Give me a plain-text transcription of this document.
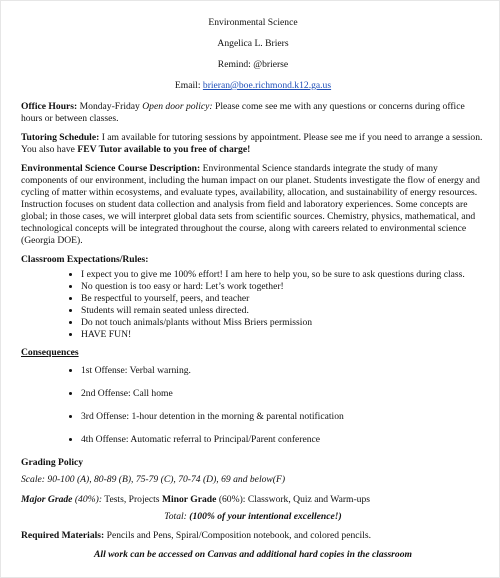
Environmental Science
Angelica L. Briers
Remind: @brierse
Email: brieran@boe.richmond.k12.ga.us

Office Hours: Monday-Friday Open door policy: Please come see me with any questions or concerns during office hours or between classes.

Tutoring Schedule: I am available for tutoring sessions by appointment. Please see me if you need to arrange a session. You also have FEV Tutor available to you free of charge!

Environmental Science Course Description: Environmental Science standards integrate the study of many components of our environment, including the human impact on our planet. Students investigate the flow of energy and cycling of matter within ecosystems, and evaluate types, availability, allocation, and sustainability of energy resources. Instruction focuses on student data collection and analysis from field and laboratory experiences. Some concepts are global; in those cases, we will interpret global data sets from scientific sources. Chemistry, physics, mathematical, and technological concepts will be integrated throughout the course, along with careers related to environmental science (Georgia DOE).

Classroom Expectations/Rules:
• I expect you to give me 100% effort! I am here to help you, so be sure to ask questions during class.
• No question is too easy or hard: Let’s work together!
• Be respectful to yourself, peers, and teacher
• Students will remain seated unless directed.
• Do not touch animals/plants without Miss Briers permission
• HAVE FUN!
Consequences
• 1st Offense: Verbal warning.
• 2nd Offense: Call home
• 3rd Offense: 1-hour detention in the morning & parental notification
• 4th Offense: Automatic referral to Principal/Parent conference
Grading Policy
Scale: 90-100 (A), 80-89 (B), 75-79 (C), 70-74 (D), 69 and below(F)
Major Grade (40%): Tests, Projects Minor Grade (60%): Classwork, Quiz and Warm-ups
Total: (100% of your intentional excellence!)

Required Materials: Pencils and Pens, Spiral/Composition notebook, and colored pencils.

All work can be accessed on Canvas and additional hard copies in the classroom
